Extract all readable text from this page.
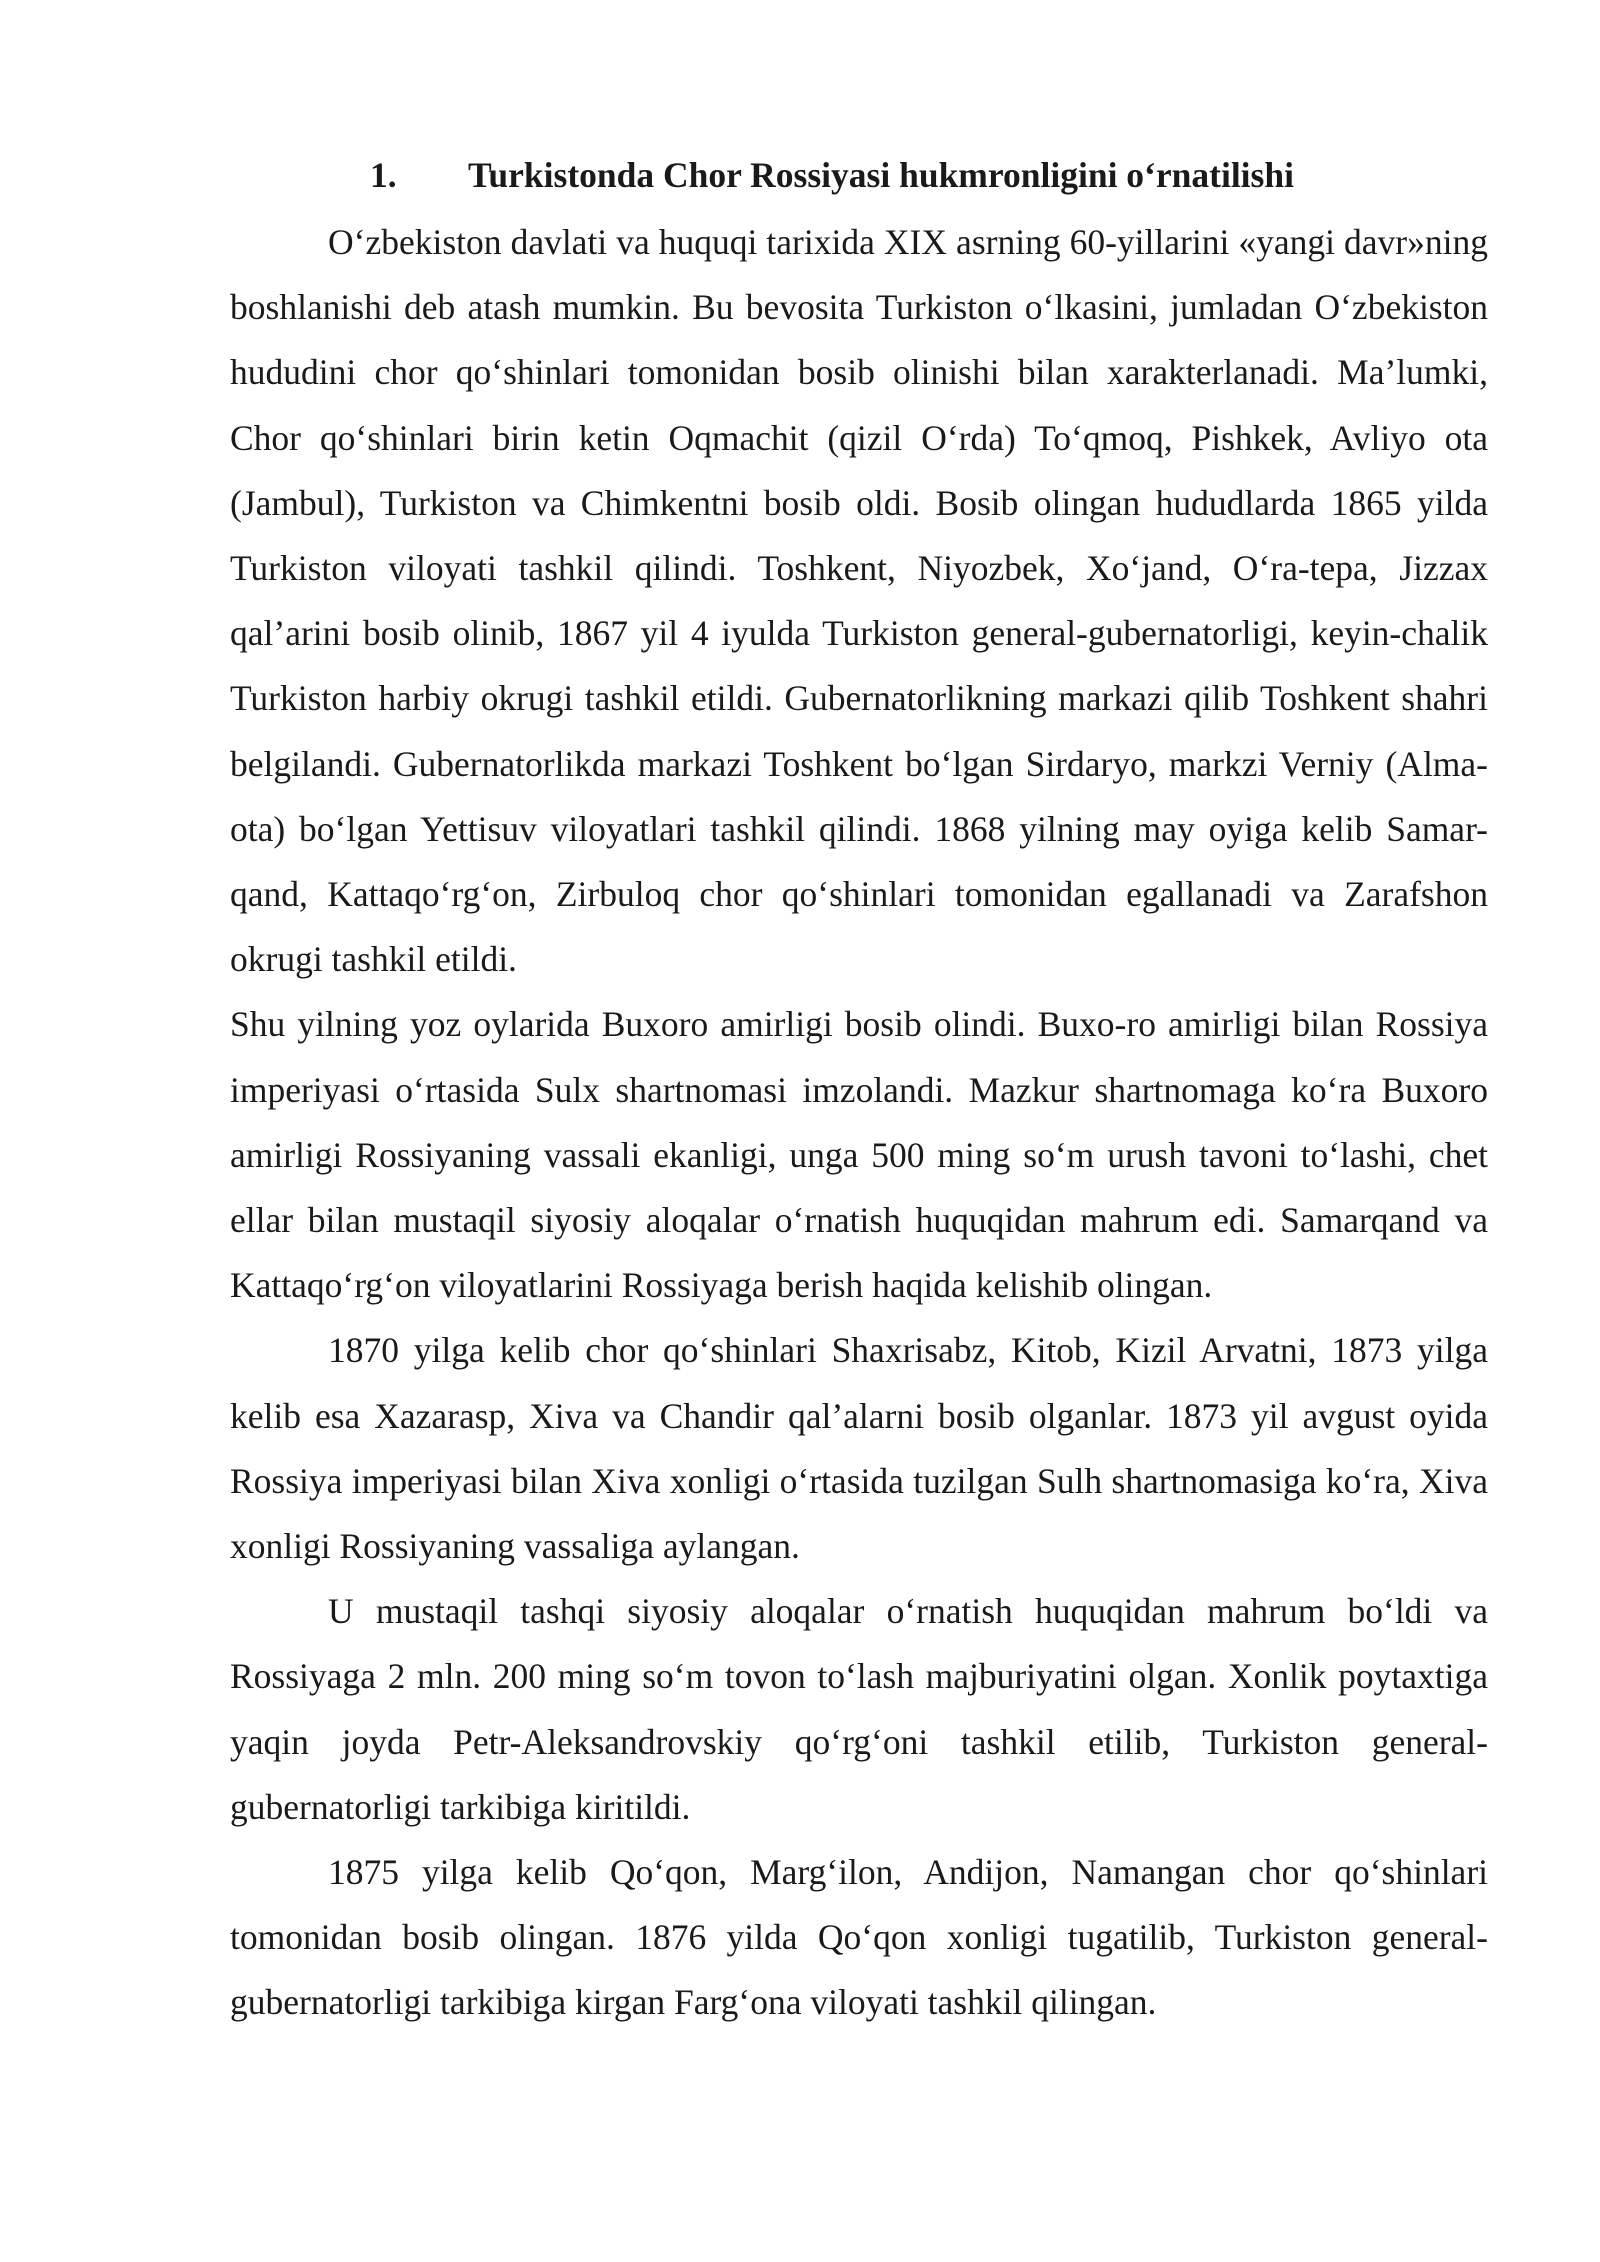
1. Turkistonda Chor Rossiyasi hukmronligini o‘rnatilishi

O‘zbekiston davlati va huquqi tarixida XIX asrning 60-yillarini «yangi davr»ning boshlanishi deb atash mumkin. Bu bevosita Turkiston o‘lkasini, jumladan O‘zbekiston hududini chor qo‘shinlari tomonidan bosib olinishi bilan xarakterlanadi. Ma’lumki, Chor qo‘shinlari birin ketin Oqmachit (qizil O‘rda) To‘qmoq, Pishkek, Avliyo ota (Jambul), Turkiston va Chimkentni bosib oldi. Bosib olingan hududlarda 1865 yilda Turkiston viloyati tashkil qilindi. Toshkent, Niyozbek, Xo‘jand, O‘ra-tepa, Jizzax qal’arini bosib olinib, 1867 yil 4 iyulda Turkiston general-gubernatorligi, keyin-chalik Turkiston harbiy okrugi tashkil etildi. Gubernatorlikning markazi qilib Toshkent shahri belgilandi. Gubernatorlikda markazi Toshkent bo‘lgan Sirdaryo, markzi Verniy (Alma-ota) bo‘lgan Yettisuv viloyatlari tashkil qilindi. 1868 yilning may oyiga kelib Samar-qand, Kattaqo‘rg‘on, Zirbuloq chor qo‘shinlari tomonidan egallanadi va Zarafshon okrugi tashkil etildi.

Shu yilning yoz oylarida Buxoro amirligi bosib olindi. Buxo-ro amirligi bilan Rossiya imperiyasi o‘rtasida Sulx shartnomasi imzolandi. Mazkur shartnomaga ko‘ra Buxoro amirligi Rossiyaning vassali ekanligi, unga 500 ming so‘m urush tavoni to‘lashi, chet ellar bilan mustaqil siyosiy aloqalar o‘rnatish huquqidan mahrum edi. Samarqand va Kattaqo‘rg‘on viloyatlarini Rossiyaga berish haqida kelishib olingan.

1870 yilga kelib chor qo‘shinlari Shaxrisabz, Kitob, Kizil Arvatni, 1873 yilga kelib esa Xazarasp, Xiva va Chandir qal’alarni bosib olganlar. 1873 yil avgust oyida Rossiya imperiyasi bilan Xiva xonligi o‘rtasida tuzilgan Sulh shartnomasiga ko‘ra, Xiva xonligi Rossiyaning vassaliga aylangan.

U mustaqil tashqi siyosiy aloqalar o‘rnatish huquqidan mahrum bo‘ldi va Rossiyaga 2 mln. 200 ming so‘m tovon to‘lash majburiyatini olgan. Xonlik poytaxtiga yaqin joyda Petr-Aleksandrovskiy qo‘rg‘oni tashkil etilib, Turkiston general-gubernatorligi tarkibiga kiritildi.

1875 yilga kelib Qo‘qon, Marg‘ilon, Andijon, Namangan chor qo‘shinlari tomonidan bosib olingan. 1876 yilda Qo‘qon xonligi tugatilib, Turkiston general-gubernatorligi tarkibiga kirgan Farg‘ona viloyati tashkil qilingan.
